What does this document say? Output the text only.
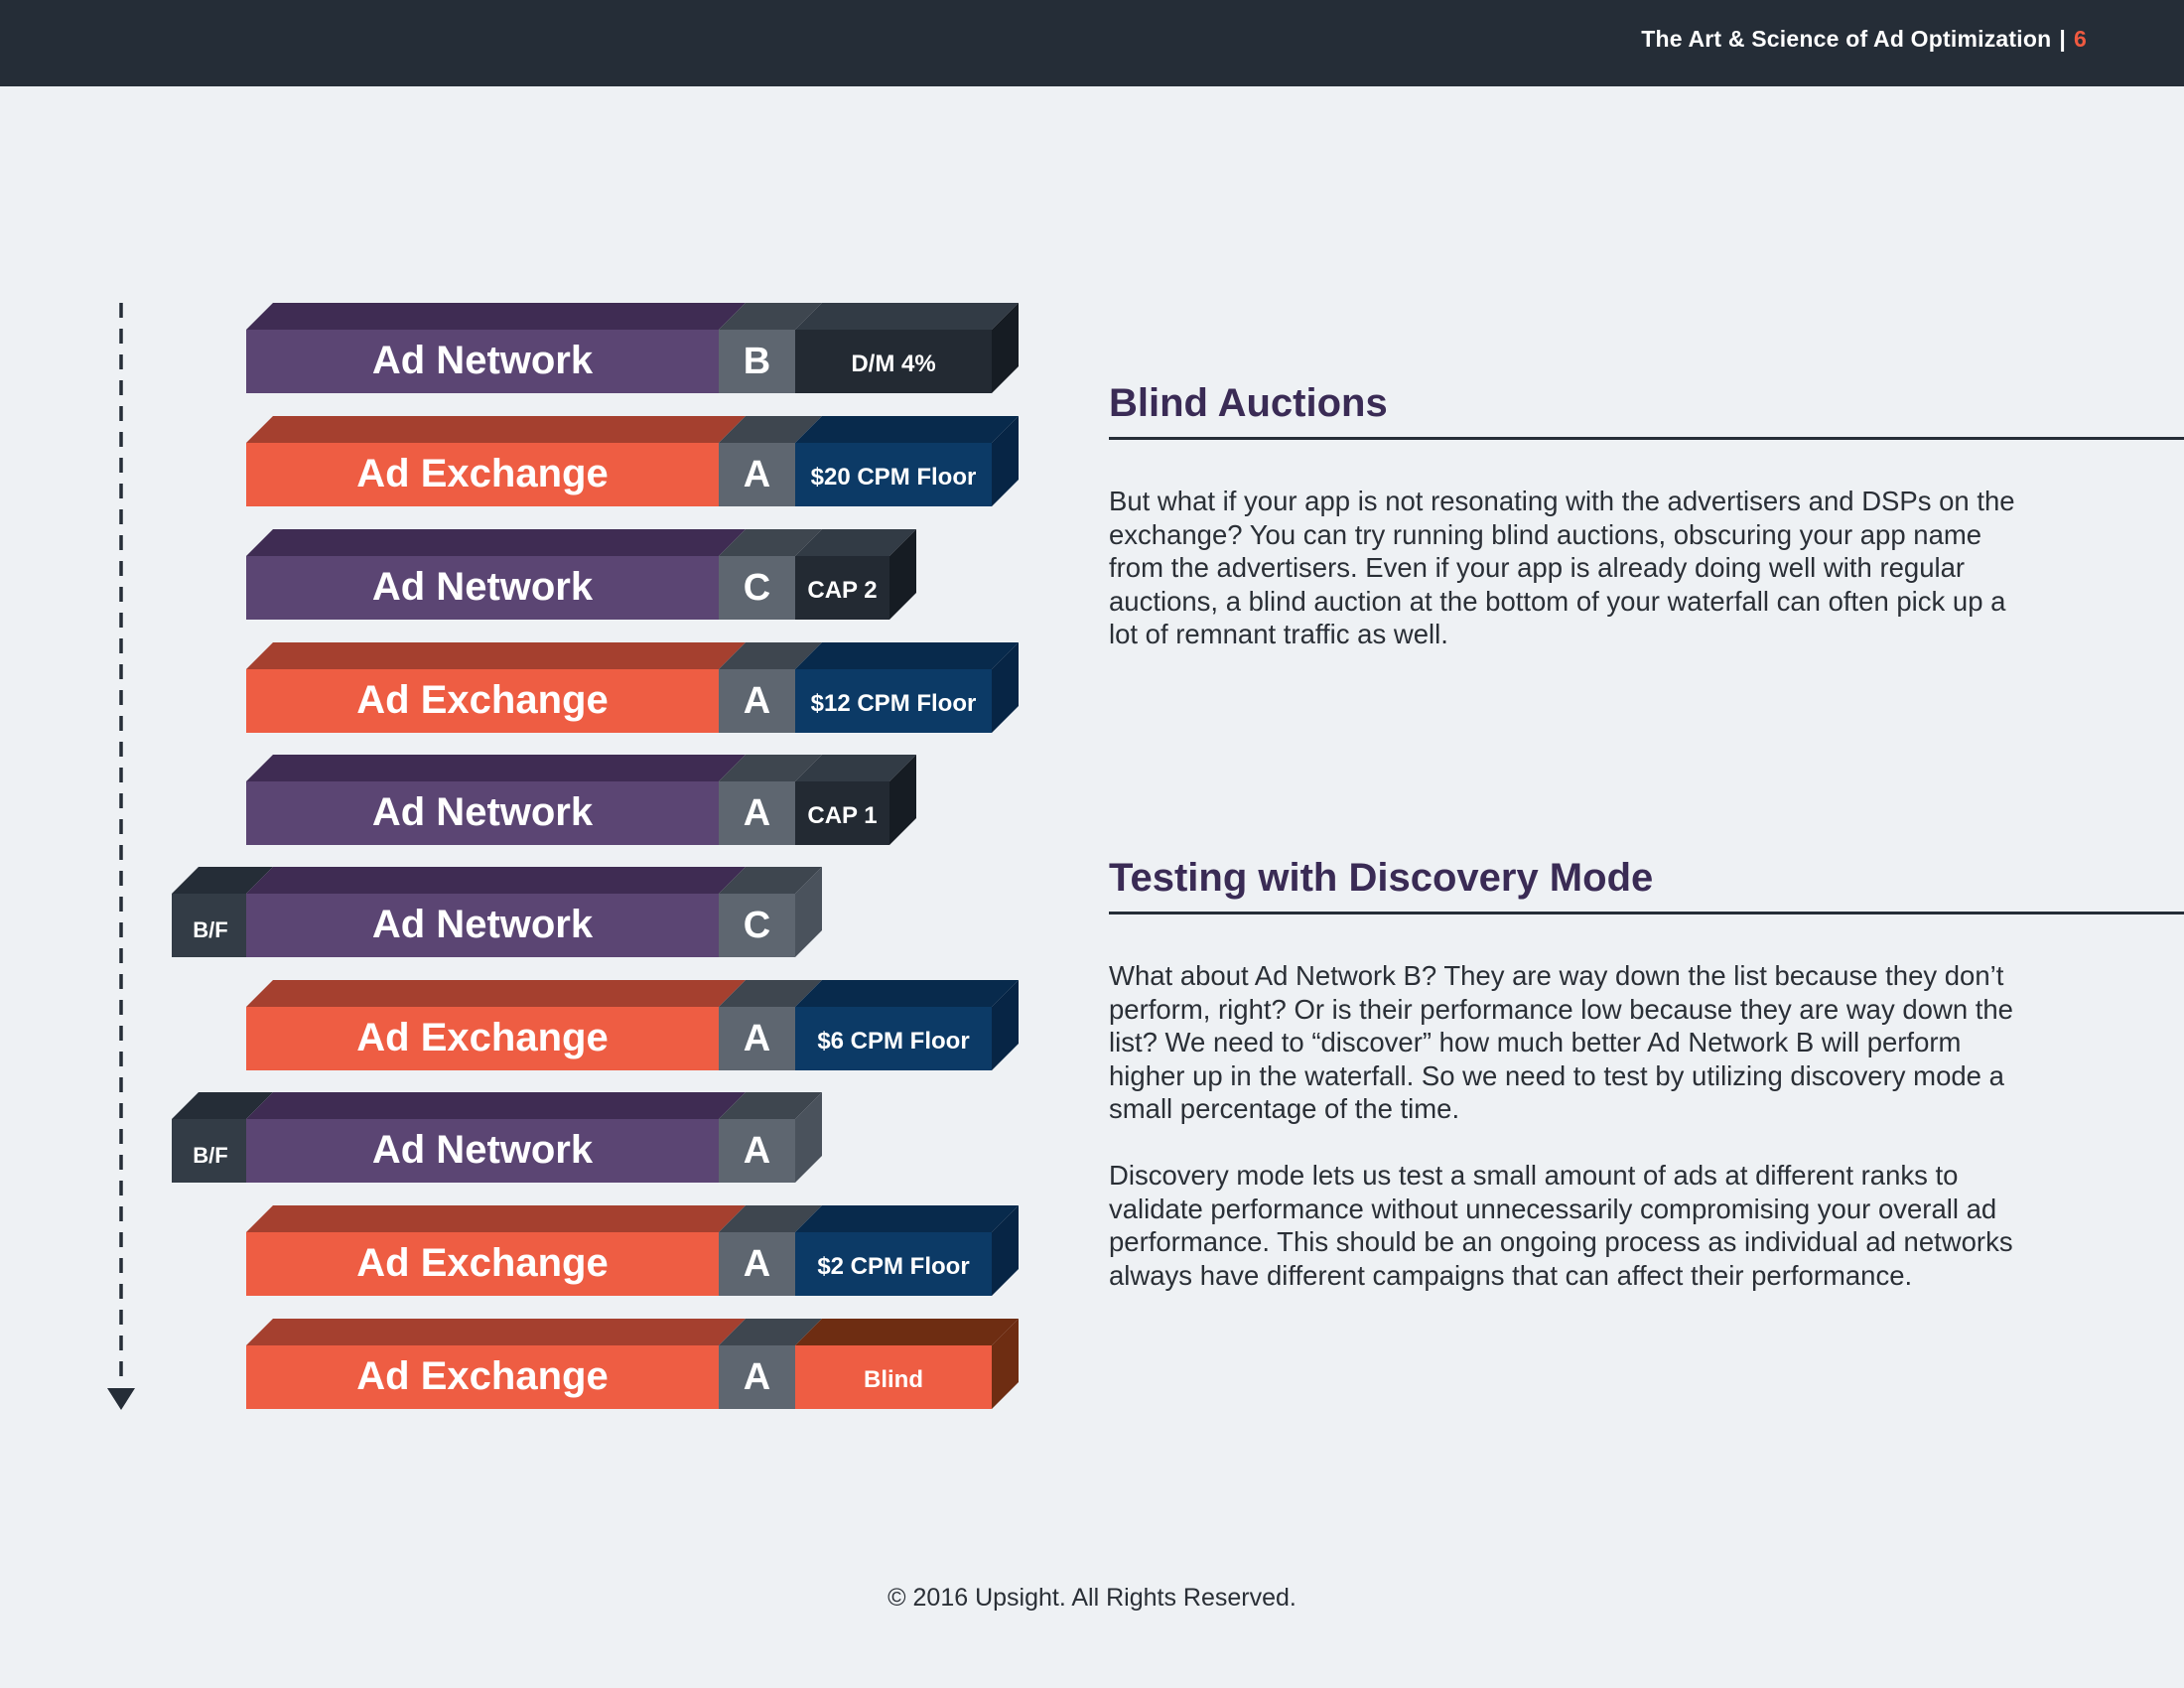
The Art & Science of Ad Optimization | 6
Ad Network	B	D/M 4%
Ad Exchange	A $20 CPM Floor
Ad Network	C CAP 2
Ad Exchange	A $12 CPM Floor
Ad Network	A CAP 1
B/F	Ad Network	C
Ad Exchange	A $6 CPM Floor
B/F	Ad Network	A
Ad Exchange	A $2 CPM Floor
Ad Exchange	A	Blind
Blind Auctions
But what if your app is not resonating with the advertisers and DSPs on the exchange? You can try running blind auctions, obscuring your app name from the advertisers. Even if your app is already doing well with regular auctions, a blind auction at the bottom of your waterfall can often pick up a lot of remnant traffic as well.
Testing with Discovery Mode
What about Ad Network B? They are way down the list because they don’t perform, right? Or is their performance low because they are way down the list? We need to “discover” how much better Ad Network B will perform higher up in the waterfall. So we need to test by utilizing discovery mode a small percentage of the time.
Discovery mode lets us test a small amount of ads at different ranks to validate performance without unnecessarily compromising your overall ad performance. This should be an ongoing process as individual ad networks always have different campaigns that can affect their performance.
© 2016 Upsight. All Rights Reserved.
